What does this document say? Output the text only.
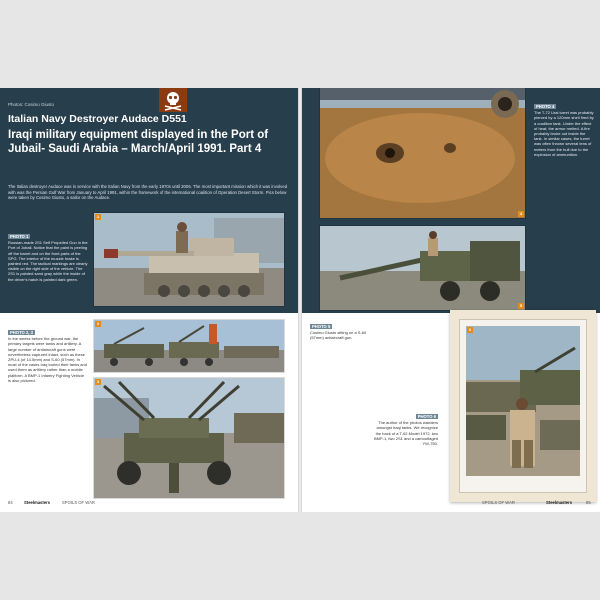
Photos: Cosimo Giusto
Italian Navy Destroyer Audace D551
Iraqi military equipment displayed in the Port of Jubail- Saudi Arabia – March/April 1991. Part 4
The Italian destroyer Audace was in service with the Italian Navy from the early 1970s until 2006. The most important mission which it was involved with was the Persian Gulf War from January to April 1991, within the framework of the international coalition of Operation Desert Storm. Pics below were taken by Cosimo Giusto, a sailor on the Audace.
PHOTO 1
Russian-made 2S1 Self Propelled Gun in the Port of Jubail. Notice that the paint is peeling off the barrel and on the front parts of the SPG. The interior of the muzzle brake is painted red. The tactical markings are clearly visible on the right side of the vehicle. The 2S1 is painted sand gray while the inside of the driver's hatch is painted dark green.
1
PHOTO 2, 3
In the weeks before the ground war, the primary targets were tanks and artillery. A large number of antiaircraft guns were nevertheless captured intact, such as these ZPU-4 (of 14.5mm) and S-60 (57mm). In most of the cases Iraq buried their tanks and used them as artillery rather than a mobile platform. A BMP-1 Infantry Fighting Vehicle is also pictured.
2
3
84	Steelmasters	SPOILS OF WAR
4
PHOTO 4
The T-72 Ural turret was probably pierced by a 120mm shell fired by a coalition tank. Under the effect of heat, the armor melted. A fire probably broke out inside the tank. In similar cases, the turret was often thrown several tens of meters from the hull due to the explosion of ammunition.
5
PHOTO 5
Cosimo Giusto sitting on a S-60 (57mm) antiaircraft gun.
PHOTO 6
The author of the photos wanders amongst Iraqi tanks. We recognize the back of a T-62 Model 1972, two BMP-1, two 2S1 and a camouflaged YW-750.
6
SPOILS OF WAR	Steelmasters	85
